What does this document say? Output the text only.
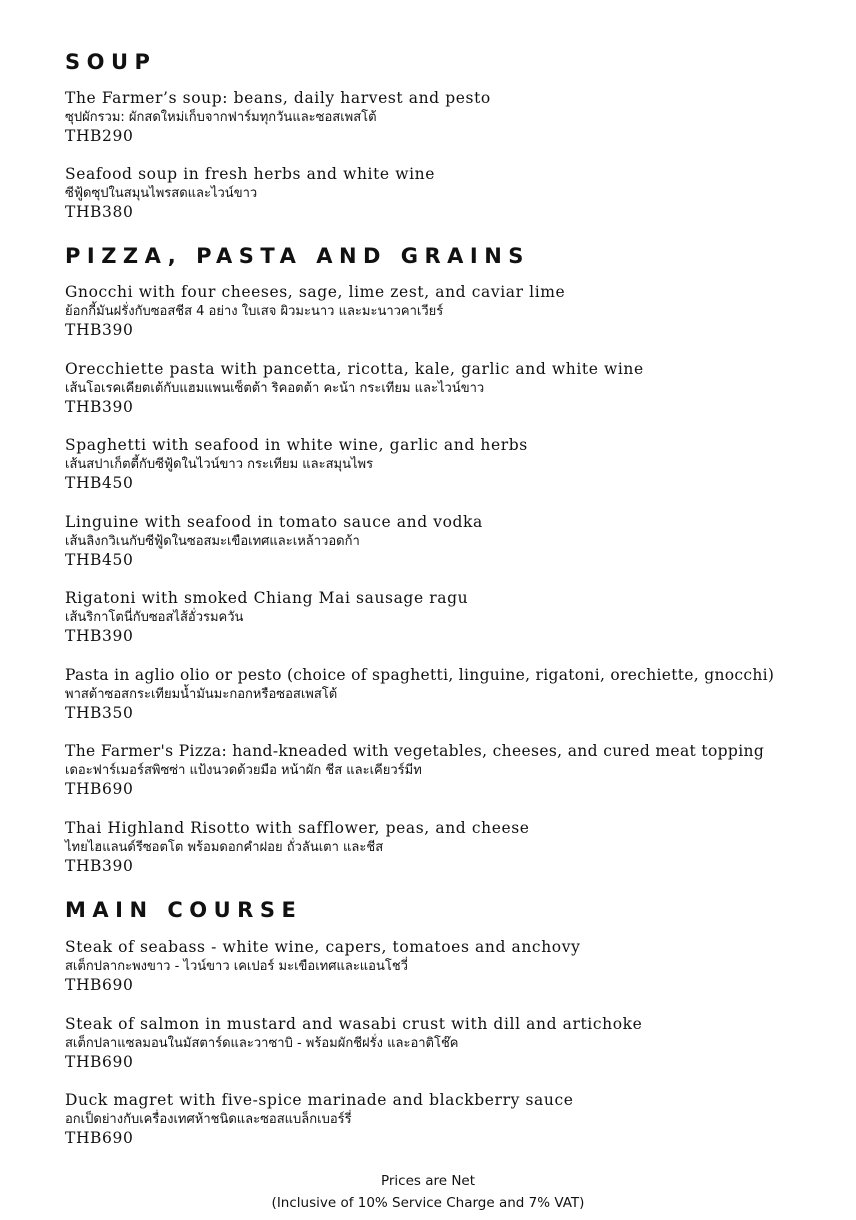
SOUP
The Farmer’s soup: beans, daily harvest and pesto
ซุปผักรวม: ผักสดใหม่เก็บจากฟาร์มทุกวันและซอสเพสโต้
THB290
Seafood soup in fresh herbs and white wine
ซีฟู้ดซุปในสมุนไพรสดและไวน์ขาว
THB380
PIZZA, PASTA AND GRAINS
Gnocchi with four cheeses, sage, lime zest, and caviar lime
ย้อกกี้มันฝรั่งกับซอสชีส 4 อย่าง ใบเสจ ผิวมะนาว และมะนาวคาเวียร์
THB390
Orecchiette pasta with pancetta, ricotta, kale, garlic and white wine
เส้นโอเรคเคียตเต้กับแฮมแพนเซ็ตต้า ริคอตต้า คะน้า กระเทียม และไวน์ขาว
THB390
Spaghetti with seafood in white wine, garlic and herbs
เส้นสปาเก็ตตี้กับซีฟู้ดในไวน์ขาว กระเทียม และสมุนไพร
THB450
Linguine with seafood in tomato sauce and vodka
เส้นลิงกวิเนกับซีฟู้ดในซอสมะเขือเทศและเหล้าวอดก้า
THB450
Rigatoni with smoked Chiang Mai sausage ragu
เส้นริกาโตนี่กับซอสไส้อั่วรมควัน
THB390
Pasta in aglio olio or pesto (choice of spaghetti, linguine, rigatoni, orechiette, gnocchi)
พาสต้าซอสกระเทียมน้ำมันมะกอกหรือซอสเพสโต้
THB350
The Farmer's Pizza: hand-kneaded with vegetables, cheeses, and cured meat topping
เดอะฟาร์เมอร์สพิซซ่า แป้งนวดด้วยมือ หน้าผัก ชีส และเคียวร์มีท
THB690
Thai Highland Risotto with safflower, peas, and cheese
ไทยไฮแลนด์รีซอตโต พร้อมดอกคำฝอย ถั่วลันเตา และชีส
THB390
MAIN COURSE
Steak of seabass - white wine, capers, tomatoes and anchovy
สเต็กปลากะพงขาว - ไวน์ขาว เคเปอร์ มะเขือเทศและแอนโชวี่
THB690
Steak of salmon in mustard and wasabi crust with dill and artichoke
สเต็กปลาแซลมอนในมัสตาร์ดและวาซาบิ - พร้อมผักชีฝรั่ง และอาติโช๊ค
THB690
Duck magret with five-spice marinade and blackberry sauce
อกเป็ดย่างกับเครื่องเทศห้าชนิดและซอสแบล็กเบอร์รี่
THB690
Prices are Net
(Inclusive of 10% Service Charge and 7% VAT)
